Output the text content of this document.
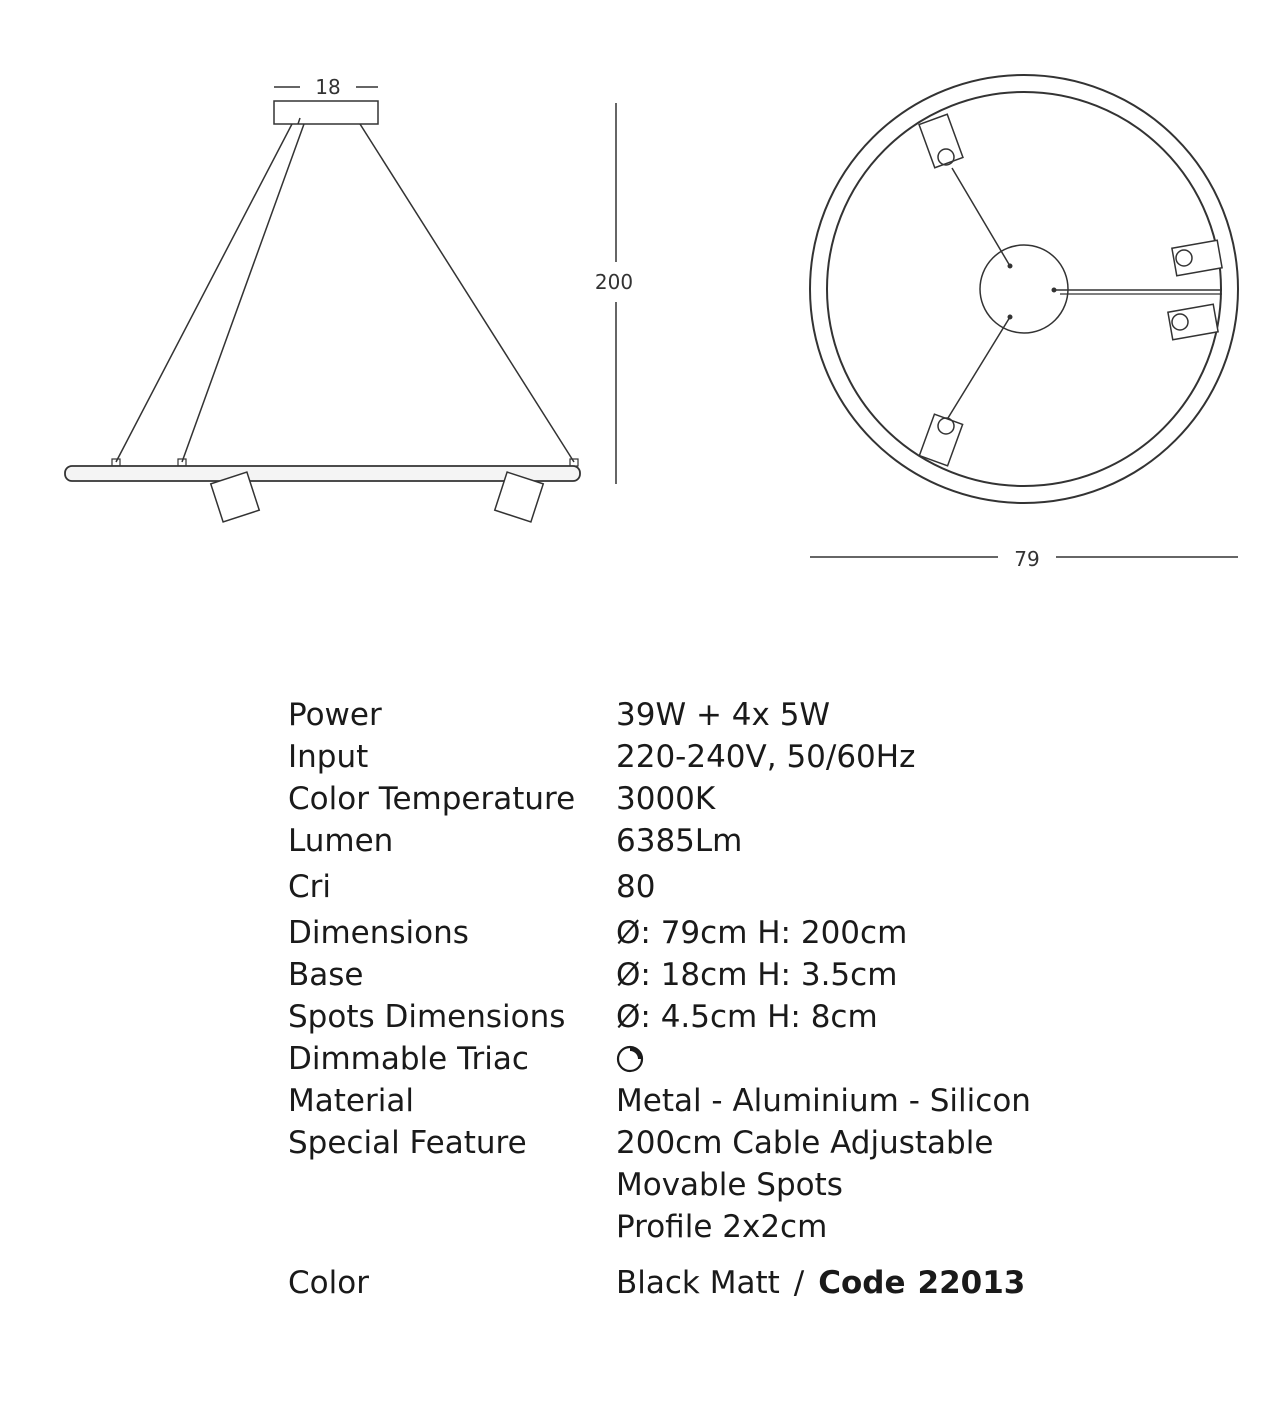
18
200
79
Power	39W + 4x 5W
Input	220-240V, 50/60Hz
Color Temperature 3000K
Lumen	6385Lm
Cri	80
Dimensions	Ø: 79cm H: 200cm
Base	Ø: 18cm H: 3.5cm
Spots Dimensions Ø: 4.5cm H: 8cm
Dimmable Triac
Material	Metal - Aluminium - Silicon
Special Feature	200cm Cable Adjustable
Movable Spots
Profile 2x2cm
Color	Black Matt / Code 22013
